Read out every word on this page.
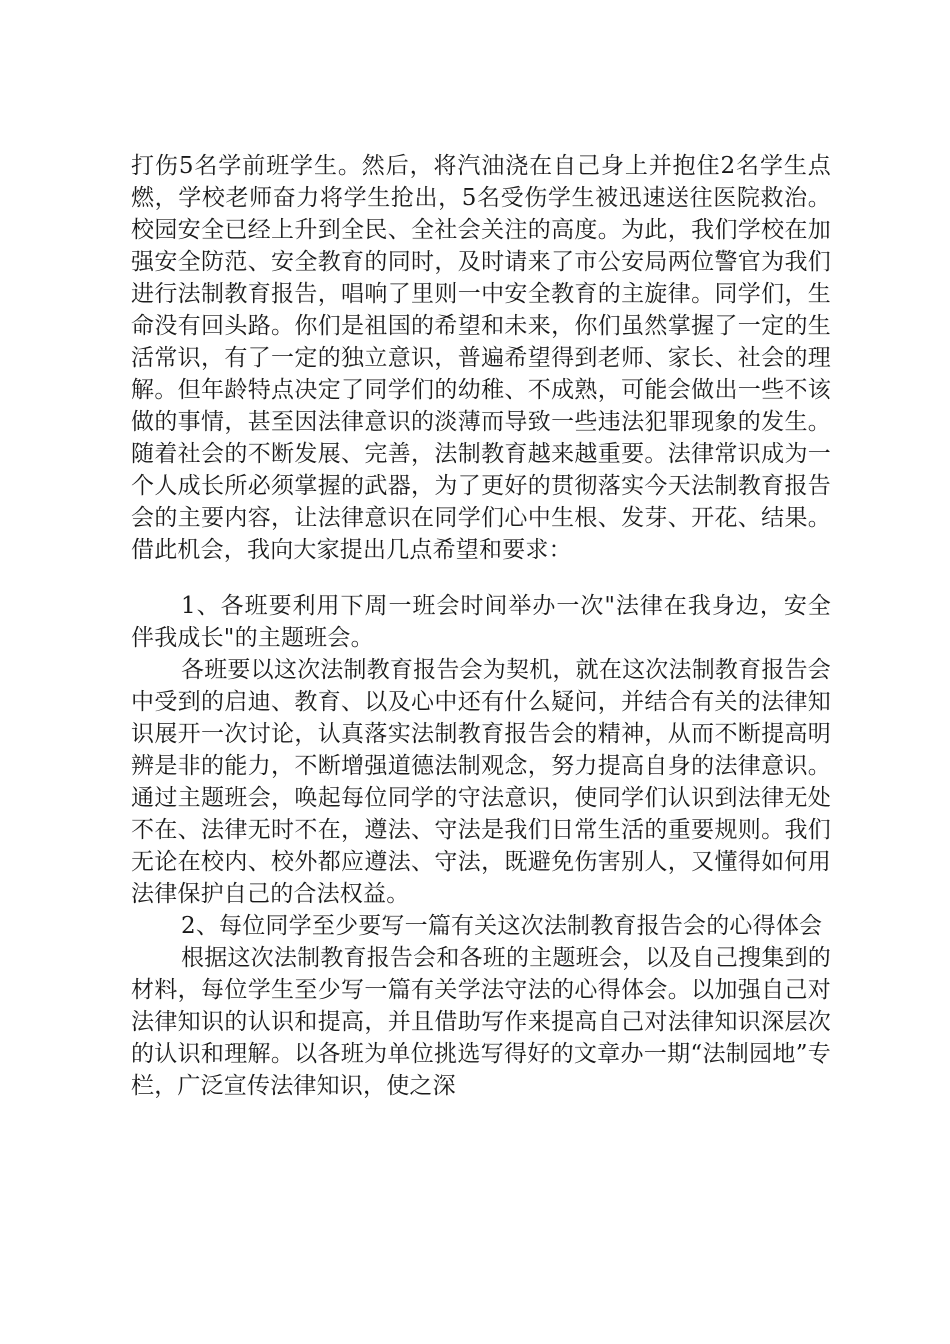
打伤5名学前班学生。然后，将汽油浇在自己身上并抱住2名学生点燃，学校老师奋力将学生抢出，5名受伤学生被迅速送往医院救治。校园安全已经上升到全民、全社会关注的高度。为此，我们学校在加强安全防范、安全教育的同时，及时请来了市公安局两位警官为我们进行法制教育报告，唱响了里则一中安全教育的主旋律。同学们，生命没有回头路。你们是祖国的希望和未来，你们虽然掌握了一定的生活常识，有了一定的独立意识，普遍希望得到老师、家长、社会的理解。但年龄特点决定了同学们的幼稚、不成熟，可能会做出一些不该做的事情，甚至因法律意识的淡薄而导致一些违法犯罪现象的发生。随着社会的不断发展、完善，法制教育越来越重要。法律常识成为一个人成长所必须掌握的武器，为了更好的贯彻落实今天法制教育报告会的主要内容，让法律意识在同学们心中生根、发芽、开花、结果。借此机会，我向大家提出几点希望和要求：

1、各班要利用下周一班会时间举办一次"法律在我身边，安全伴我成长"的主题班会。

各班要以这次法制教育报告会为契机，就在这次法制教育报告会中受到的启迪、教育、以及心中还有什么疑问，并结合有关的法律知识展开一次讨论，认真落实法制教育报告会的精神，从而不断提高明辨是非的能力，不断增强道德法制观念，努力提高自身的法律意识。通过主题班会，唤起每位同学的守法意识，使同学们认识到法律无处不在、法律无时不在，遵法、守法是我们日常生活的重要规则。我们无论在校内、校外都应遵法、守法，既避免伤害别人，又懂得如何用法律保护自己的合法权益。

2、每位同学至少要写一篇有关这次法制教育报告会的心得体会

根据这次法制教育报告会和各班的主题班会，以及自己搜集到的材料，每位学生至少写一篇有关学法守法的心得体会。以加强自己对法律知识的认识和提高，并且借助写作来提高自己对法律知识深层次的认识和理解。以各班为单位挑选写得好的文章办一期“法制园地”专栏，广泛宣传法律知识，使之深
